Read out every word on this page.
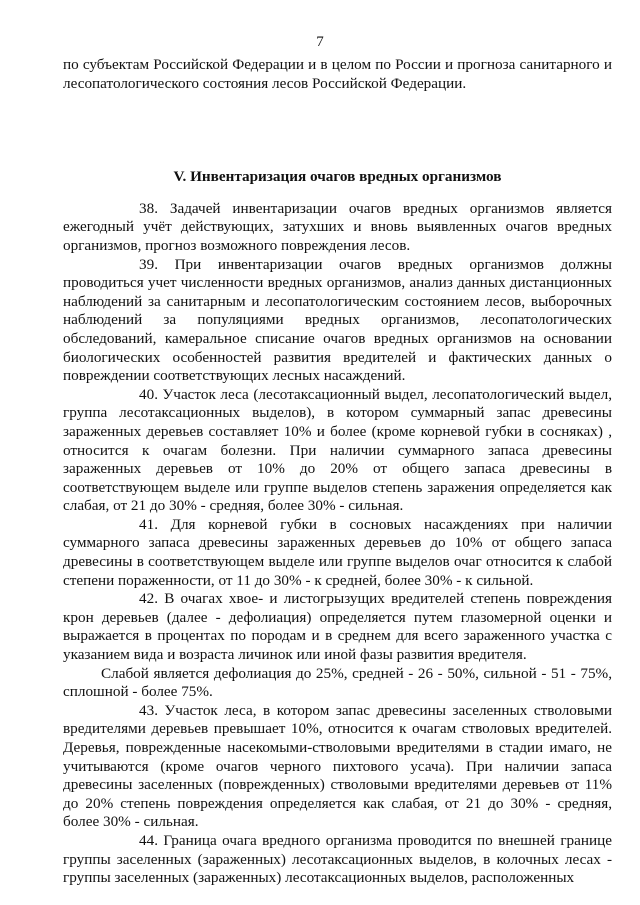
7

по субъектам Российской Федерации и в целом по России и прогноза санитарного и лесопатологического состояния лесов Российской Федерации.

V. Инвентаризация очагов вредных организмов

38. Задачей инвентаризации очагов вредных организмов является ежегодный учёт действующих, затухших и вновь выявленных очагов вредных организмов, прогноз возможного повреждения лесов.

39. При инвентаризации очагов вредных организмов должны проводиться учет численности вредных организмов, анализ данных дистанционных наблюдений за санитарным и лесопатологическим состоянием лесов, выборочных наблюдений за популяциями вредных организмов, лесопатологических обследований, камеральное списание очагов вредных организмов на основании биологических особенностей развития вредителей и фактических данных о повреждении соответствующих лесных насаждений.

40. Участок леса (лесотаксационный выдел, лесопатологический выдел, группа лесотаксационных выделов), в котором суммарный запас древесины зараженных деревьев составляет 10% и более (кроме корневой губки в сосняках) , относится к очагам болезни. При наличии суммарного запаса древесины зараженных деревьев от 10% до 20% от общего запаса древесины в соответствующем выделе или группе выделов степень заражения определяется как слабая, от 21 до 30% - средняя, более 30% - сильная.

41. Для корневой губки в сосновых насаждениях при наличии суммарного запаса древесины зараженных деревьев до 10% от общего запаса древесины в соответствующем выделе или группе выделов очаг относится к слабой степени пораженности, от 11 до 30% - к средней, более 30% - к сильной.

42. В очагах хвое- и листогрызущих вредителей степень повреждения крон деревьев (далее - дефолиация) определяется путем глазомерной оценки и выражается в процентах по породам и в среднем для всего зараженного участка с указанием вида и возраста личинок или иной фазы развития вредителя.

Слабой является дефолиация до 25%, средней - 26 - 50%, сильной - 51 - 75%, сплошной - более 75%.

43. Участок леса, в котором запас древесины заселенных стволовыми вредителями деревьев превышает 10%, относится к очагам стволовых вредителей. Деревья, поврежденные насекомыми-стволовыми вредителями в стадии имаго, не учитываются (кроме очагов черного пихтового усача). При наличии запаса древесины заселенных (поврежденных) стволовыми вредителями деревьев от 11% до 20% степень повреждения определяется как слабая, от 21 до 30% - средняя, более 30% - сильная.

44. Граница очага вредного организма проводится по внешней границе группы заселенных (зараженных) лесотаксационных выделов, в колочных лесах - группы заселенных (зараженных) лесотаксационных выделов, расположенных
